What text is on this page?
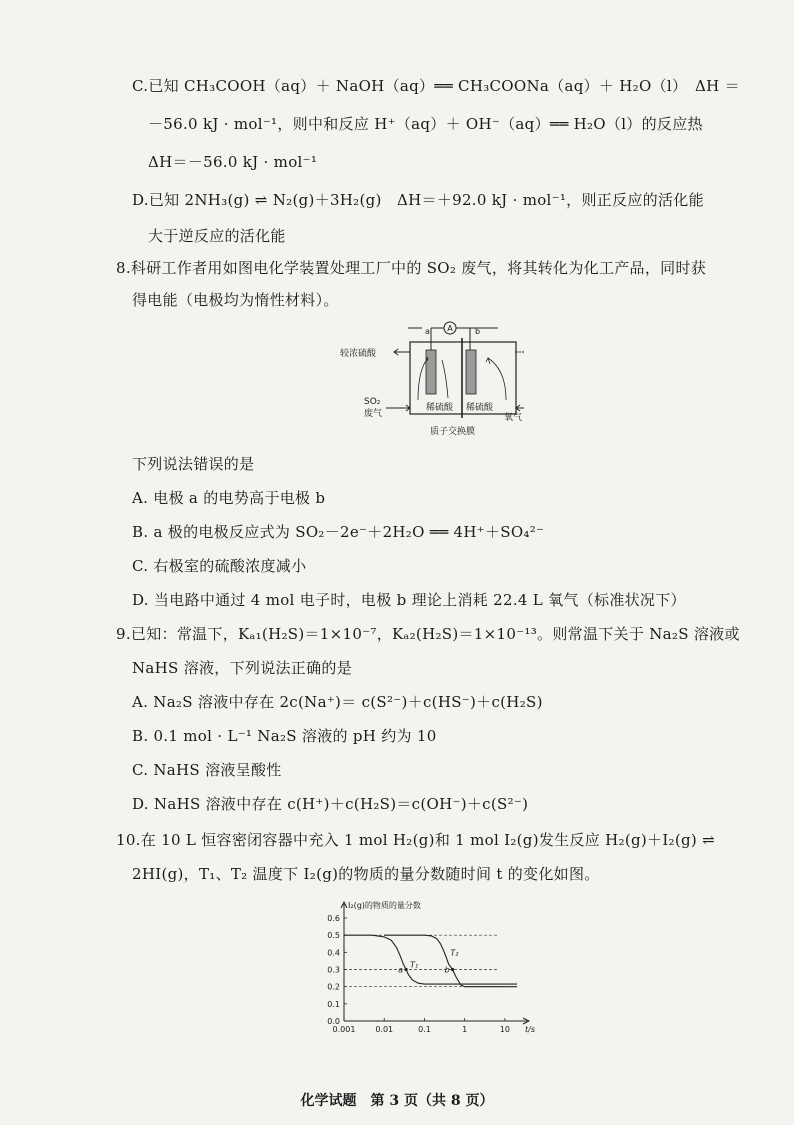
C.已知 CH₃COOH（aq）＋ NaOH（aq）══ CH₃COONa（aq）＋ H₂O（l）　ΔH ＝
－56.0 kJ · mol⁻¹，则中和反应 H⁺（aq）＋ OH⁻（aq）══ H₂O（l）的反应热
ΔH＝－56.0 kJ · mol⁻¹
D.已知 2NH₃(g) ⇌ N₂(g)＋3H₂(g)　ΔH＝＋92.0 kJ · mol⁻¹，则正反应的活化能
大于逆反应的活化能
8.科研工作者用如图电化学装置处理工厂中的 SO₂ 废气，将其转化为化工产品，同时获
得电能（电极均为惰性材料）。
A
a	b
较浓硫酸
SO₂
废气	氧气
稀硫酸 稀硫酸
质子交换膜
下列说法错误的是
A. 电极 a 的电势高于电极 b
B. a 极的电极反应式为 SO₂－2e⁻＋2H₂O ══ 4H⁺＋SO₄²⁻
C. 右极室的硫酸浓度减小
D. 当电路中通过 4 mol 电子时，电极 b 理论上消耗 22.4 L 氧气（标准状况下）
9.已知：常温下，Kₐ₁(H₂S)＝1×10⁻⁷，Kₐ₂(H₂S)＝1×10⁻¹³。则常温下关于 Na₂S 溶液或
NaHS 溶液，下列说法正确的是
A. Na₂S 溶液中存在 2c(Na⁺)＝ c(S²⁻)＋c(HS⁻)＋c(H₂S)
B. 0.1 mol · L⁻¹ Na₂S 溶液的 pH 约为 10
C. NaHS 溶液呈酸性
D. NaHS 溶液中存在 c(H⁺)＋c(H₂S)＝c(OH⁻)＋c(S²⁻)
10.在 10 L 恒容密闭容器中充入 1 mol H₂(g)和 1 mol I₂(g)发生反应 H₂(g)＋I₂(g) ⇌
2HI(g)，T₁、T₂ 温度下 I₂(g)的物质的量分数随时间 t 的变化如图。
0.0
0.1
0.2
0.3
0.4
0.5
0.6
0.001 0.01	0.1	1	10
I₂(g)的物质的量分数
t/s
T₁
T₂
a	b
化学试题　第 3 页（共 8 页）
